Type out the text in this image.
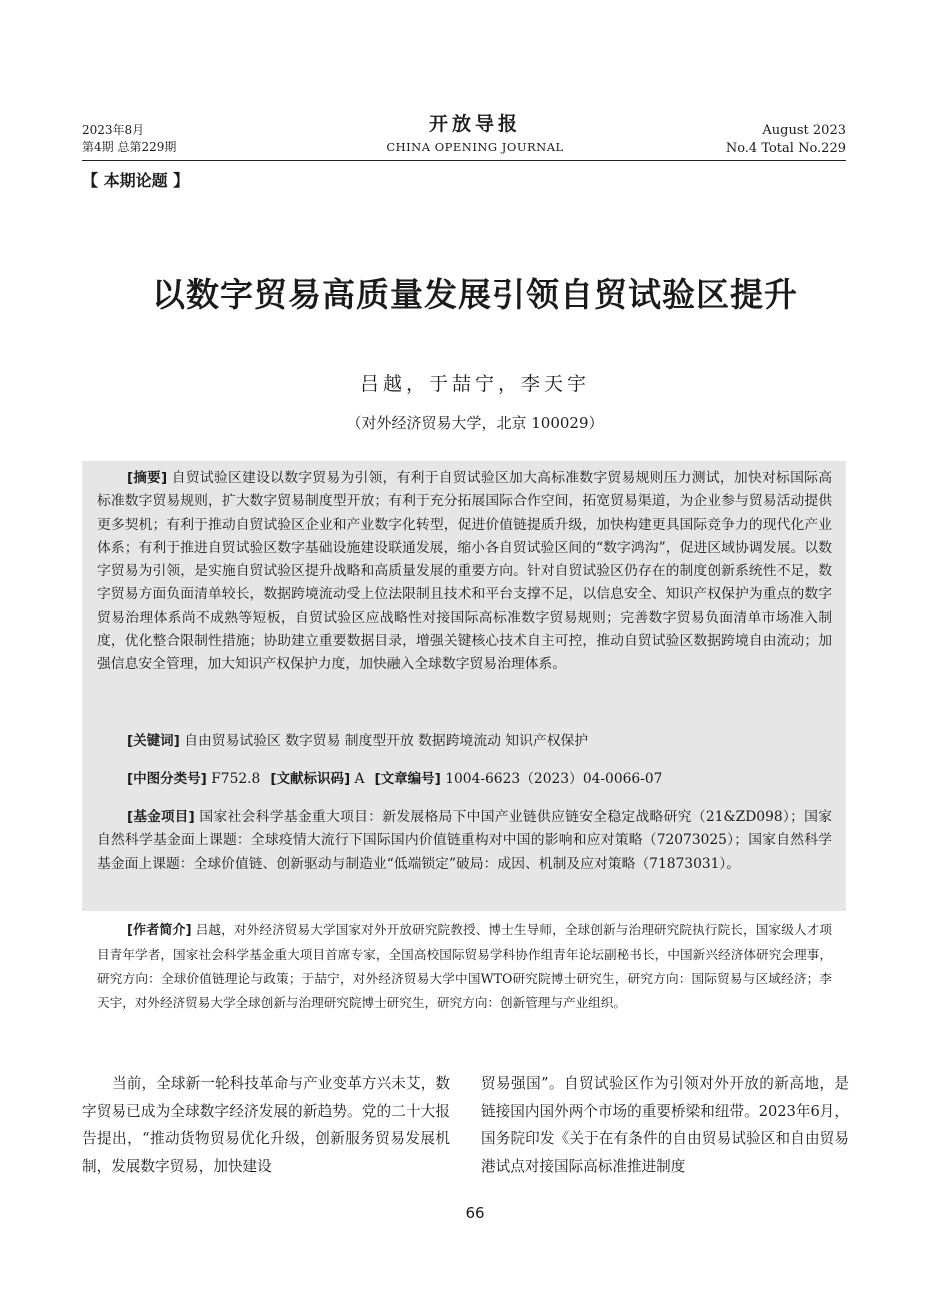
2023年8月
第4期 总第229期
开放导报
CHINA OPENING JOURNAL
August 2023
No.4 Total No.229
【 本期论题 】
以数字贸易高质量发展引领自贸试验区提升
吕越，于喆宁，李天宇
（对外经济贸易大学，北京 100029）

[摘要] 自贸试验区建设以数字贸易为引领，有利于自贸试验区加大高标准数字贸易规则压力测试，加快对标国际高标准数字贸易规则，扩大数字贸易制度型开放；有利于充分拓展国际合作空间，拓宽贸易渠道，为企业参与贸易活动提供更多契机；有利于推动自贸试验区企业和产业数字化转型，促进价值链提质升级，加快构建更具国际竞争力的现代化产业体系；有利于推进自贸试验区数字基础设施建设联通发展，缩小各自贸试验区间的“数字鸿沟”，促进区域协调发展。以数字贸易为引领，是实施自贸试验区提升战略和高质量发展的重要方向。针对自贸试验区仍存在的制度创新系统性不足，数字贸易方面负面清单较长，数据跨境流动受上位法限制且技术和平台支撑不足，以信息安全、知识产权保护为重点的数字贸易治理体系尚不成熟等短板，自贸试验区应战略性对接国际高标准数字贸易规则；完善数字贸易负面清单市场准入制度，优化整合限制性措施；协助建立重要数据目录，增强关键核心技术自主可控，推动自贸试验区数据跨境自由流动；加强信息安全管理，加大知识产权保护力度，加快融入全球数字贸易治理体系。

[关键词] 自由贸易试验区 数字贸易 制度型开放 数据跨境流动 知识产权保护

[中图分类号] F752.8 [文献标识码] A [文章编号] 1004-6623（2023）04-0066-07

[基金项目] 国家社会科学基金重大项目：新发展格局下中国产业链供应链安全稳定战略研究（21&ZD098）；国家自然科学基金面上课题：全球疫情大流行下国际国内价值链重构对中国的影响和应对策略（72073025）；国家自然科学基金面上课题：全球价值链、创新驱动与制造业“低端锁定”破局：成因、机制及应对策略（71873031）。

[作者简介] 吕越，对外经济贸易大学国家对外开放研究院教授、博士生导师，全球创新与治理研究院执行院长，国家级人才项目青年学者，国家社会科学基金重大项目首席专家，全国高校国际贸易学科协作组青年论坛副秘书长，中国新兴经济体研究会理事，研究方向：全球价值链理论与政策；于喆宁，对外经济贸易大学中国WTO研究院博士研究生，研究方向：国际贸易与区域经济；李天宇，对外经济贸易大学全球创新与治理研究院博士研究生，研究方向：创新管理与产业组织。

当前，全球新一轮科技革命与产业变革方兴未艾，数字贸易已成为全球数字经济发展的新趋势。党的二十大报告提出，“推动货物贸易优化升级，创新服务贸易发展机制，发展数字贸易，加快建设

贸易强国”。自贸试验区作为引领对外开放的新高地，是链接国内国外两个市场的重要桥梁和纽带。2023年6月，国务院印发《关于在有条件的自由贸易试验区和自由贸易港试点对接国际高标准推进制度

66
